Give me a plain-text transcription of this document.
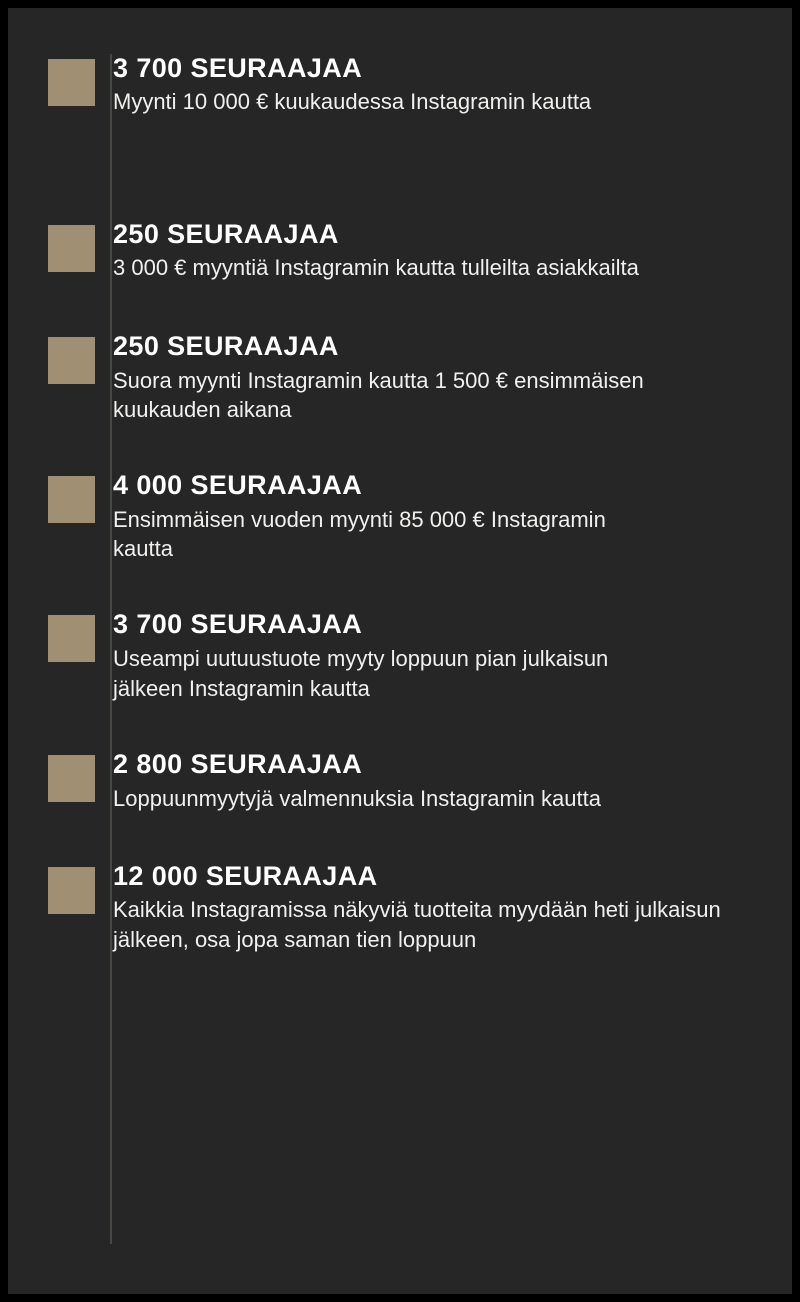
3 700 SEURAAJAA

Myynti 10 000 € kuukaudessa Instagramin kautta

250 SEURAAJAA

3 000 € myyntiä Instagramin kautta tulleilta asiakkailta

250 SEURAAJAA

Suora myynti Instagramin kautta 1 500 € ensimmäisen kuukauden aikana

4 000 SEURAAJAA

Ensimmäisen vuoden myynti 85 000 € Instagramin kautta

3 700 SEURAAJAA

Useampi uutuustuote myyty loppuun pian julkaisun jälkeen Instagramin kautta

2 800 SEURAAJAA

Loppuunmyytyjä valmennuksia Instagramin kautta

12 000 SEURAAJAA

Kaikkia Instagramissa näkyviä tuotteita myydään heti julkaisun jälkeen, osa jopa saman tien loppuun
